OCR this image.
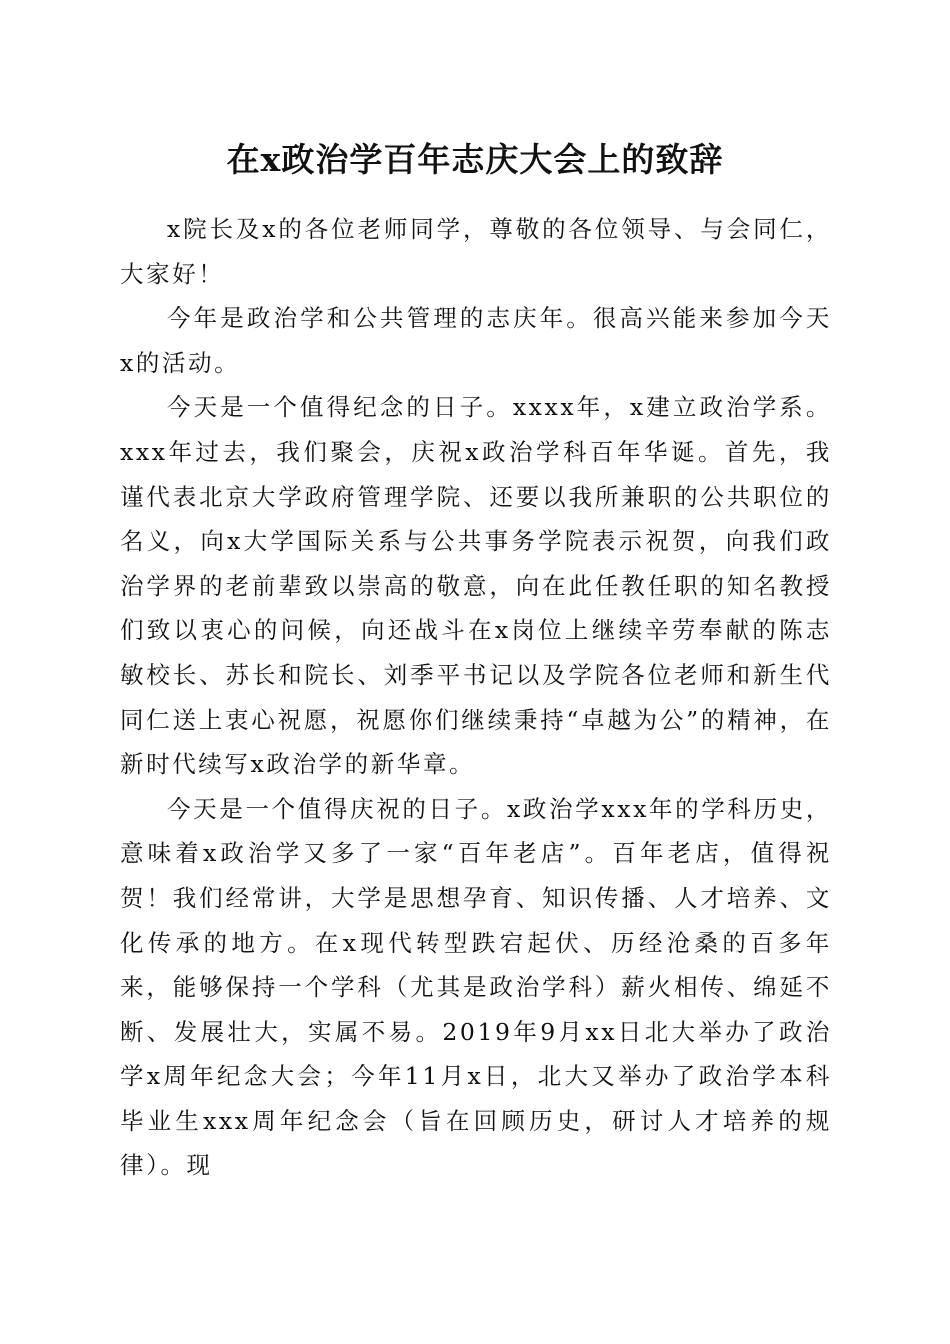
在x政治学百年志庆大会上的致辞

x院长及x的各位老师同学，尊敬的各位领导、与会同仁，大家好！

今年是政治学和公共管理的志庆年。很高兴能来参加今天x的活动。

今天是一个值得纪念的日子。xxxx年，x建立政治学系。xxx年过去，我们聚会，庆祝x政治学科百年华诞。首先，我谨代表北京大学政府管理学院、还要以我所兼职的公共职位的名义，向x大学国际关系与公共事务学院表示祝贺，向我们政治学界的老前辈致以崇高的敬意，向在此任教任职的知名教授们致以衷心的问候，向还战斗在x岗位上继续辛劳奉献的陈志敏校长、苏长和院长、刘季平书记以及学院各位老师和新生代同仁送上衷心祝愿，祝愿你们继续秉持“卓越为公”的精神，在新时代续写x政治学的新华章。

今天是一个值得庆祝的日子。x政治学xxx年的学科历史，意味着x政治学又多了一家“百年老店”。百年老店，值得祝贺！我们经常讲，大学是思想孕育、知识传播、人才培养、文化传承的地方。在x现代转型跌宕起伏、历经沧桑的百多年来，能够保持一个学科（尤其是政治学科）薪火相传、绵延不断、发展壮大，实属不易。2019年9月xx日北大举办了政治学x周年纪念大会；今年11月x日，北大又举办了政治学本科毕业生xxx周年纪念会（旨在回顾历史，研讨人才培养的规律）。现
